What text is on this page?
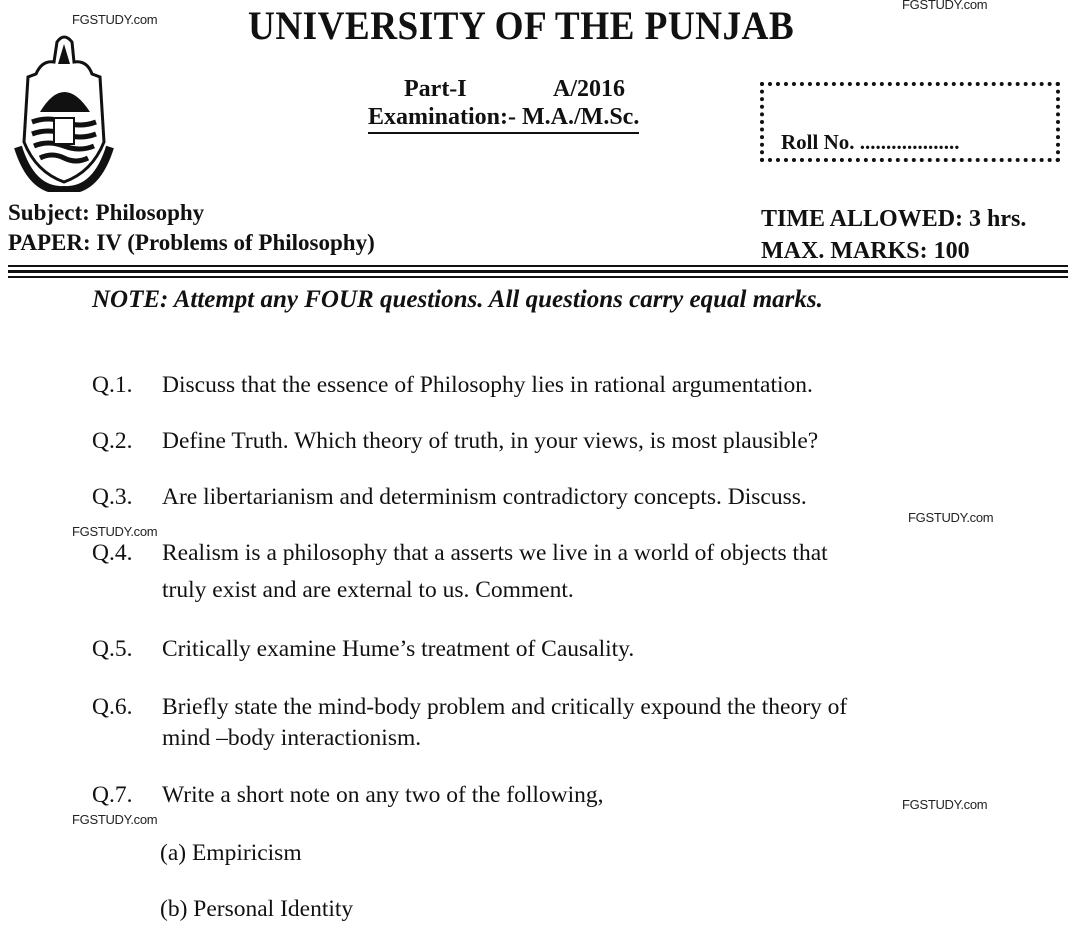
FGSTUDY.com
FGSTUDY.com
FGSTUDY.com
FGSTUDY.com
FGSTUDY.com
FGSTUDY.com
UNIVERSITY OF THE PUNJAB
Part-I	A/2016
Examination:- M.A./M.Sc.
Roll No. ...................
Subject: Philosophy
PAPER: IV (Problems of Philosophy)
TIME ALLOWED: 3 hrs.
MAX. MARKS: 100
NOTE: Attempt any FOUR questions. All questions carry equal marks.
Q.1. Discuss that the essence of Philosophy lies in rational argumentation.
Q.2. Define Truth. Which theory of truth, in your views, is most plausible?
Q.3. Are libertarianism and determinism contradictory concepts. Discuss.
Q.4. Realism is a philosophy that a asserts we live in a world of objects that
truly exist and are external to us. Comment.
Q.5. Critically examine Hume’s treatment of Causality.
Q.6. Briefly state the mind-body problem and critically expound the theory of
mind –body interactionism.
Q.7. Write a short note on any two of the following,
(a) Empiricism
(b) Personal Identity
